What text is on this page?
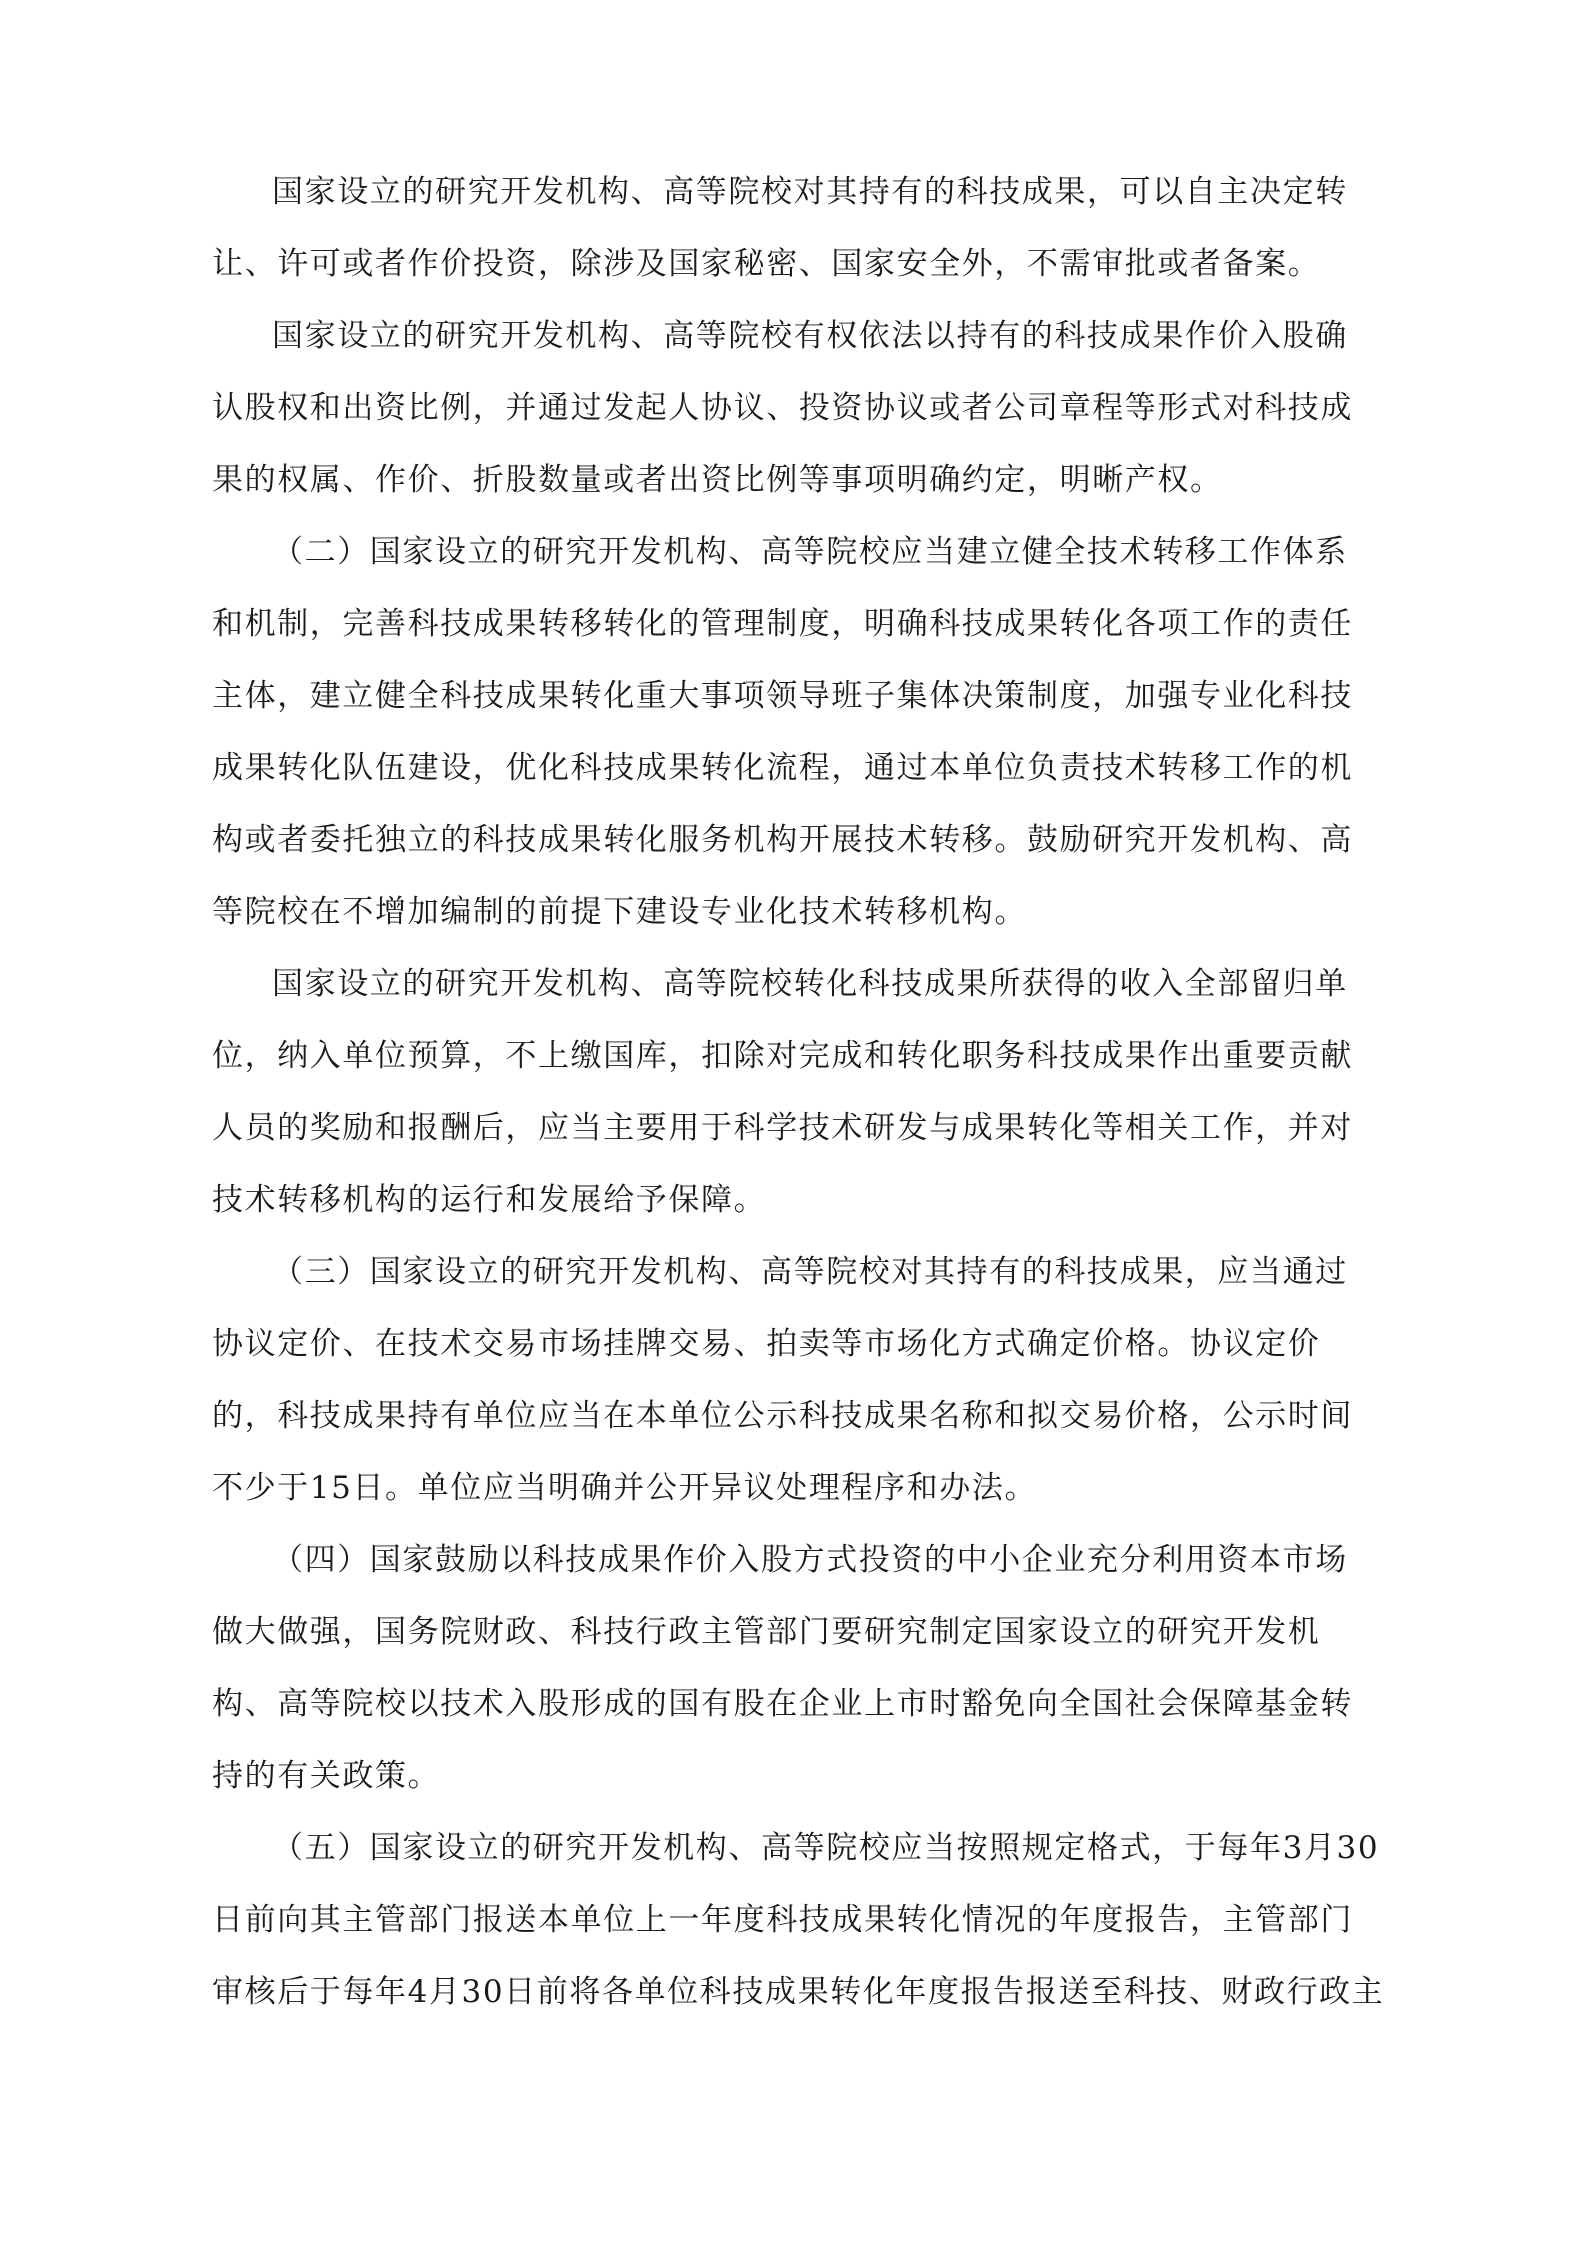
国家设立的研究开发机构、高等院校对其持有的科技成果，可以自主决定转
让、许可或者作价投资，除涉及国家秘密、国家安全外，不需审批或者备案。
国家设立的研究开发机构、高等院校有权依法以持有的科技成果作价入股确
认股权和出资比例，并通过发起人协议、投资协议或者公司章程等形式对科技成
果的权属、作价、折股数量或者出资比例等事项明确约定，明晰产权。
（二）国家设立的研究开发机构、高等院校应当建立健全技术转移工作体系
和机制，完善科技成果转移转化的管理制度，明确科技成果转化各项工作的责任
主体，建立健全科技成果转化重大事项领导班子集体决策制度，加强专业化科技
成果转化队伍建设，优化科技成果转化流程，通过本单位负责技术转移工作的机
构或者委托独立的科技成果转化服务机构开展技术转移。鼓励研究开发机构、高
等院校在不增加编制的前提下建设专业化技术转移机构。
国家设立的研究开发机构、高等院校转化科技成果所获得的收入全部留归单
位，纳入单位预算，不上缴国库，扣除对完成和转化职务科技成果作出重要贡献
人员的奖励和报酬后，应当主要用于科学技术研发与成果转化等相关工作，并对
技术转移机构的运行和发展给予保障。
（三）国家设立的研究开发机构、高等院校对其持有的科技成果，应当通过
协议定价、在技术交易市场挂牌交易、拍卖等市场化方式确定价格。协议定价
的，科技成果持有单位应当在本单位公示科技成果名称和拟交易价格，公示时间
不少于15日。单位应当明确并公开异议处理程序和办法。
（四）国家鼓励以科技成果作价入股方式投资的中小企业充分利用资本市场
做大做强，国务院财政、科技行政主管部门要研究制定国家设立的研究开发机
构、高等院校以技术入股形成的国有股在企业上市时豁免向全国社会保障基金转
持的有关政策。
（五）国家设立的研究开发机构、高等院校应当按照规定格式，于每年3月30
日前向其主管部门报送本单位上一年度科技成果转化情况的年度报告，主管部门
审核后于每年4月30日前将各单位科技成果转化年度报告报送至科技、财政行政主
